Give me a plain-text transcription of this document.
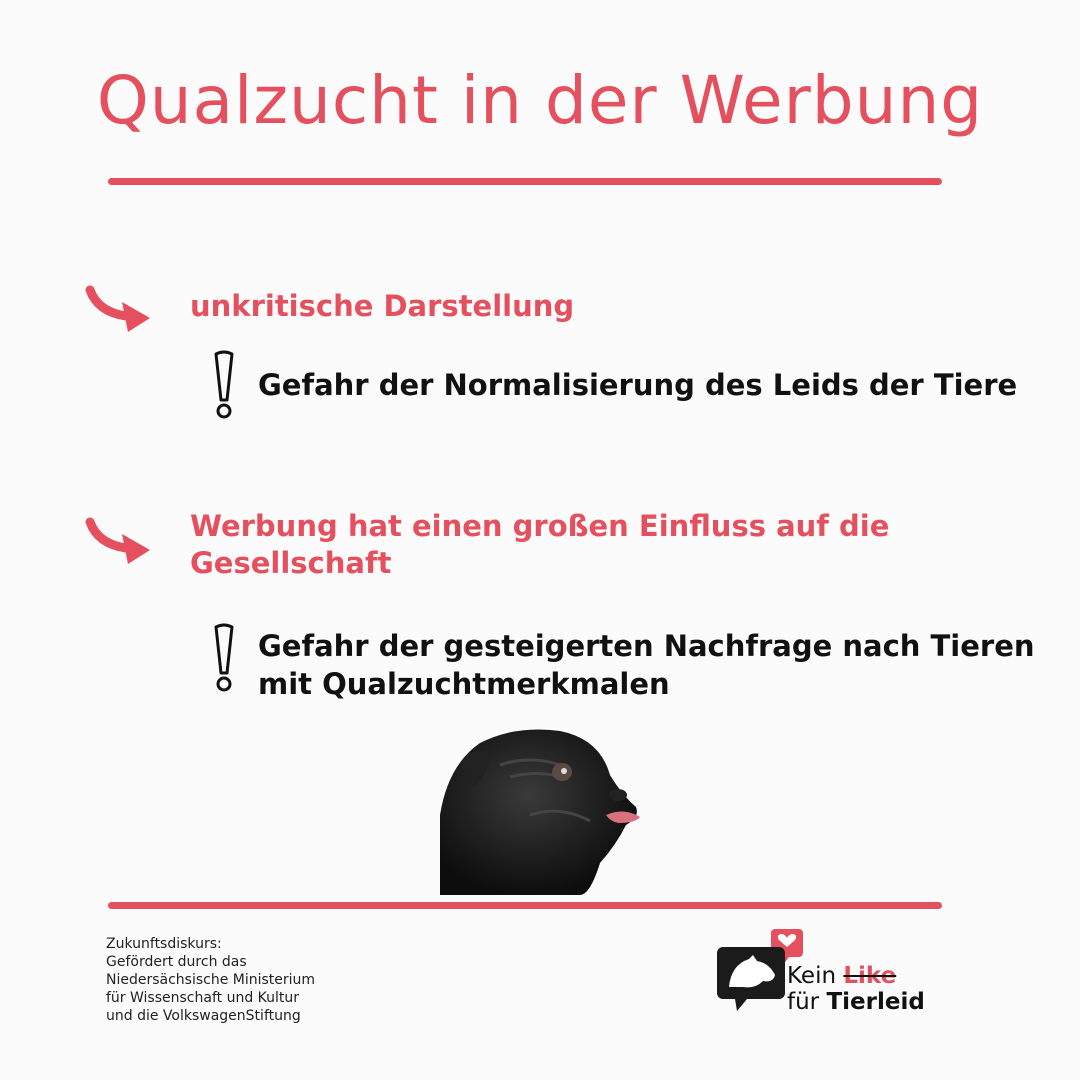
Qualzucht in der Werbung
unkritische Darstellung
Gefahr der Normalisierung des Leids der Tiere
Werbung hat einen großen Einfluss auf die
Gesellschaft
Gefahr der gesteigerten Nachfrage nach Tieren
mit Qualzuchtmerkmalen
Zukunftsdiskurs:
Gefördert durch das
Niedersächsische Ministerium
für Wissenschaft und Kultur
und die VolkswagenStiftung
Kein Like
für Tierleid
